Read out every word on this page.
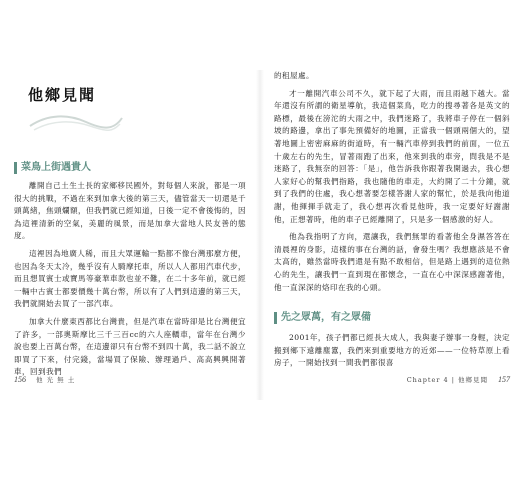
他鄉見聞
菜鳥上街遇貴人

離開自己土生土長的家鄉移民國外，對每個人來說，都是一項很大的挑戰，不過在來到加拿大後的第三天，儘管當天一切還是千頭萬緒，焦頭爛額，但我們就已經知道，日後一定不會後悔的，因為這裡清新的空氣，美麗的風景，而是加拿大當地人民友善的態度。

這裡因為地廣人稀，而且大眾運輸一點都不像台灣那麼方便，也因為冬天太冷，幾乎沒有人騎摩托車，所以人人都用汽車代步，而且想買賓士或寶馬等豪華車款也並不難，在二十多年前，就已經一輛中古賓士都要價幾十萬台幣，所以有了人們到這邊的第三天，我們就開始去買了一部汽車。

加拿大什麼東西都比台灣貴，但是汽車在當時卻是比台灣便宜了許多，一部奧斯摩比三千三百cc的六人座轎車，當年在台灣少說也要上百萬台幣，在這邊卻只有台幣不到四十萬，我二話不說立即買了下來，付完錢，當場買了保險、辦理過戶、高高興興開著車，回到我們

的租屋處。

才一離開汽車公司不久，就下起了大雨，而且雨越下越大。當年還沒有所謂的衛星導航，我這個菜鳥，吃力的搜尋著各是英文的路標，最後在滂沱的大雨之中，我們迷路了，我將車子停在一個斜坡的路邊，拿出了事先預備好的地圖，正當我一個頭兩個大的，望著地圖上密密麻麻的街道時，有一輛汽車停到我們的前面，一位五十歲左右的先生，冒著雨跑了出來，他來到我的車旁，問我是不是迷路了，我無奈的回答：「是」，他告訴我你跟著我開過去，我心想人家好心的幫我們指路，我也隨他的車走，大約開了二十分鐘，就到了我們的住處，我心想著要怎樣答謝人家的幫忙，於是我向他道謝，他揮揮手就走了，我心想再次看見他時，我一定要好好謝謝他，正想著時，他的車子已經離開了，只是多一個感激的好人。

他為我指明了方向，還讓我，我們無罪的看著他全身濕答答在清晨裡的身影，這樣的事在台灣的話，會發生嗎？我想應該是不會太高的，雖然當時我們還是有點不敢相信，但是路上遇到的這位熱心的先生，讓我們一直到現在都懷念，一直在心中深深感謝著他，他一直深深的烙印在我的心頭。

先之眾萬，有之眾備

2001年，孩子們都已經長大成人，我與妻子辦事一身輕，決定搬到鄉下遠離塵囂，我們來到重要地方的近郊——一位特草原上看房子，一開始找到一間我們都很喜

156 他 光 無 土	Chapter 4 | 他鄉見聞 157
